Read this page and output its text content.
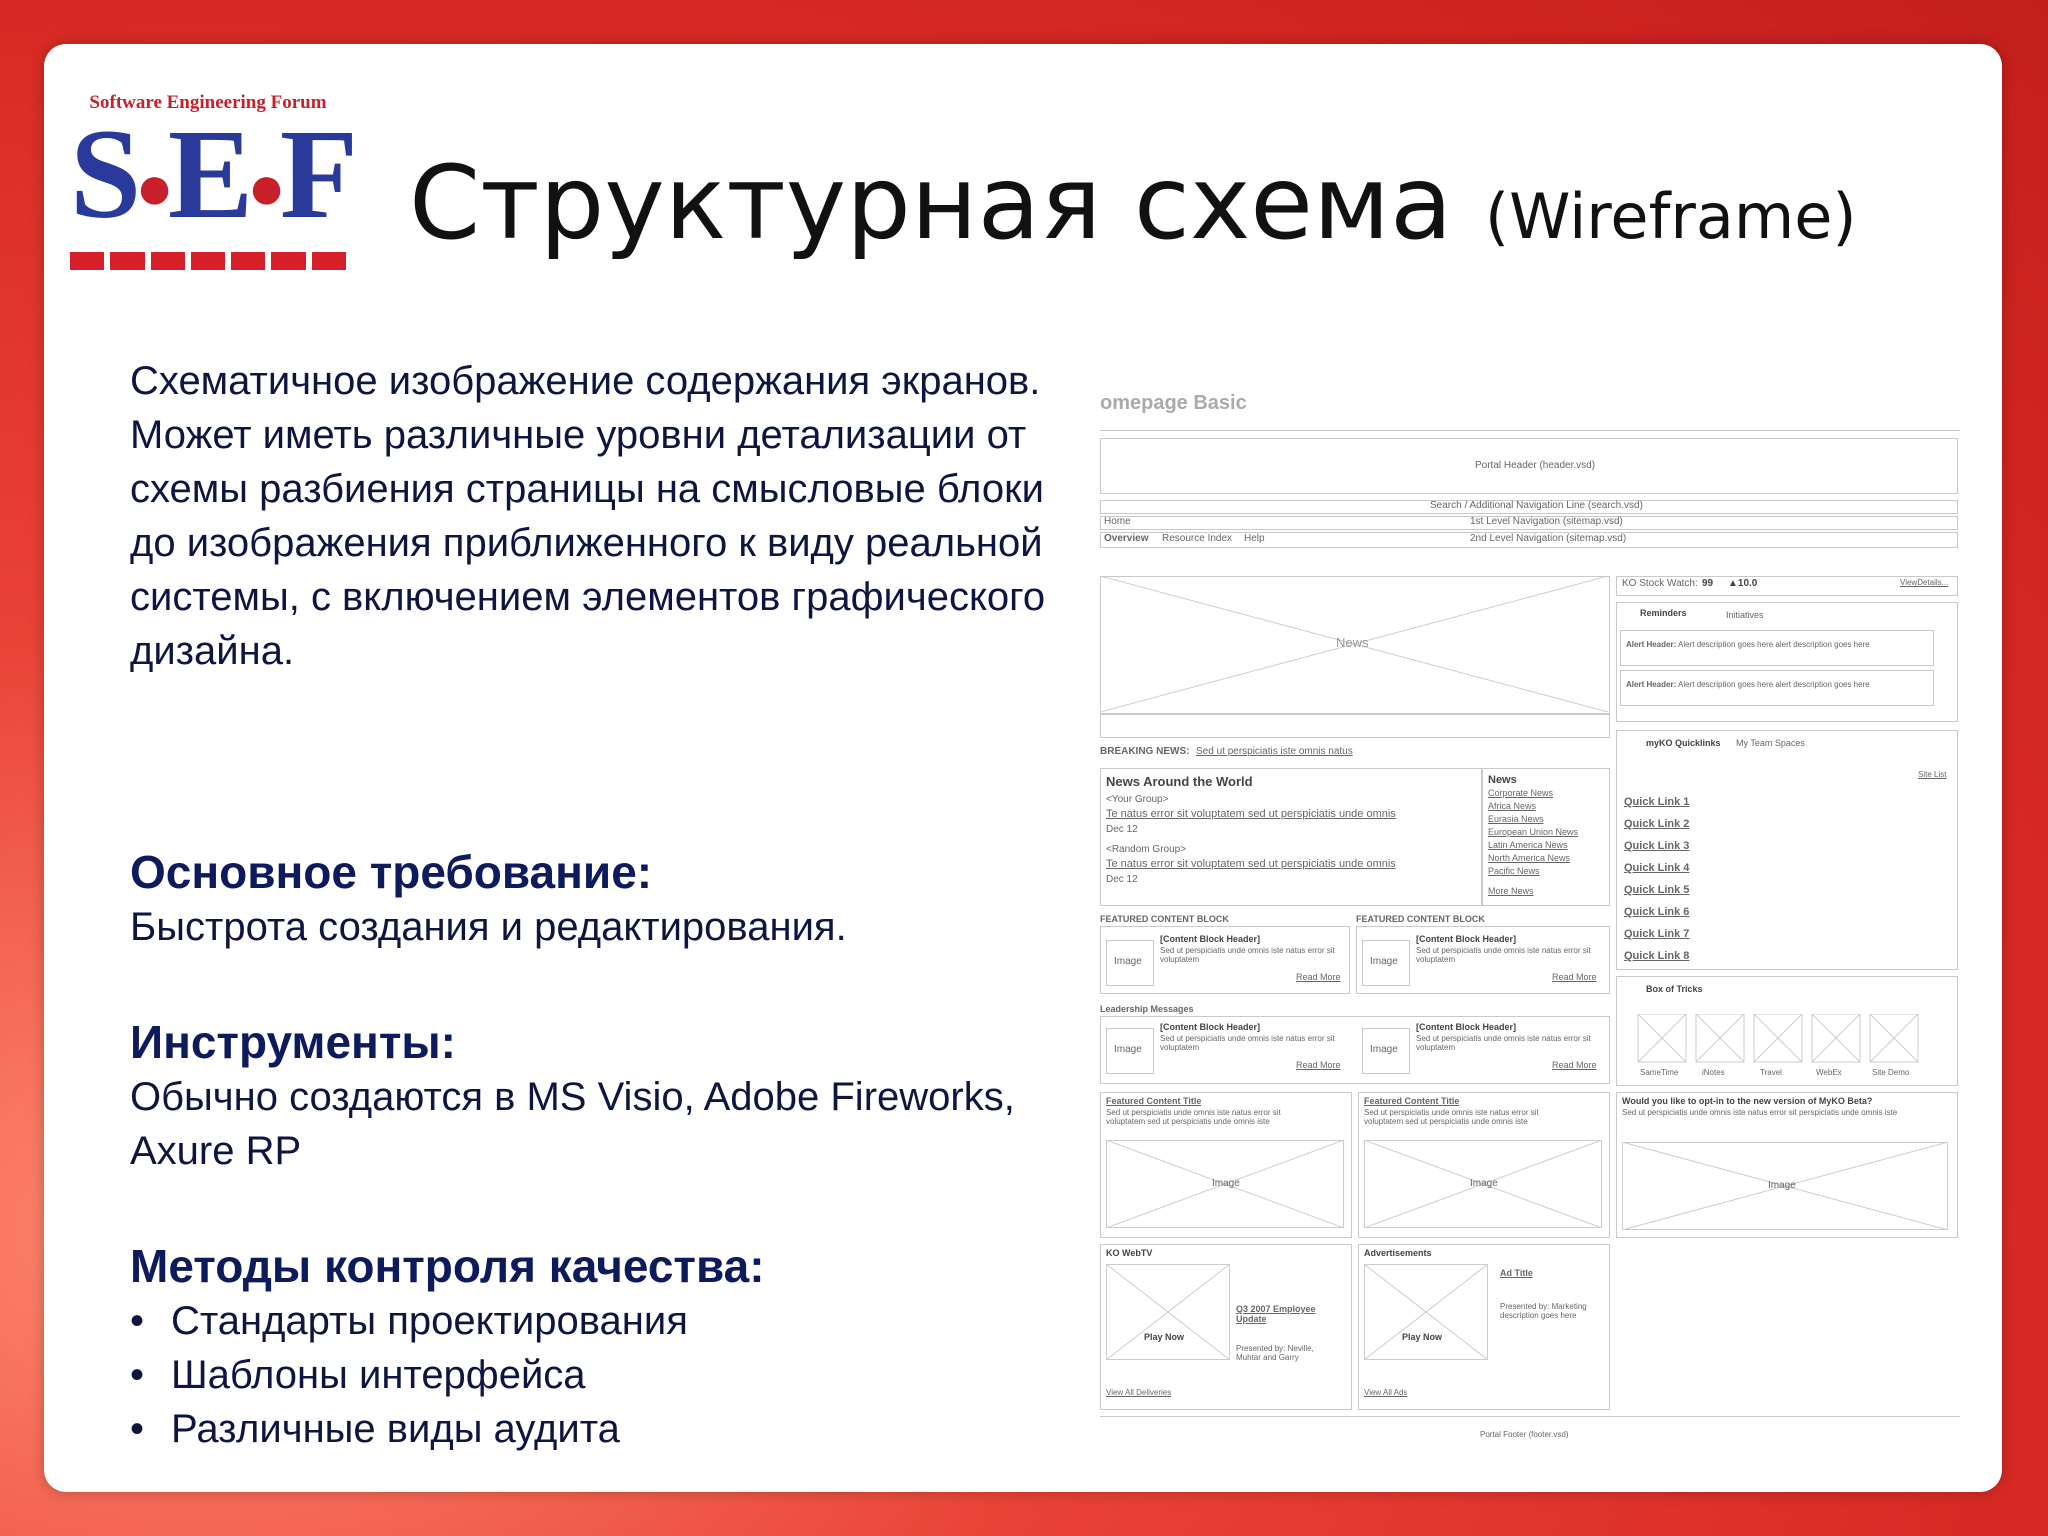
Software Engineering Forum
S●E●F Структурная схема (Wireframe)

Схематичное изображение содержания экранов. Может иметь различные уровни детализации от схемы разбиения страницы на смысловые блоки до изображения приближенного к виду реальной системы, с включением элементов графического дизайна.

Основное требование:

Быстрота создания и редактирования.

Инструменты:

Обычно создаются в MS Visio, Adobe Fireworks, Axure RP

Методы контроля качества:

• Стандарты проектирования
• Шаблоны интерфейса
• Различные виды аудита
omepage Basic
Portal Header (header.vsd)
Search / Additional Navigation Line (search.vsd)
Home	1st Level Navigation (sitemap.vsd)
Overview Resource Index Help	2nd Level Navigation (sitemap.vsd)
News
BREAKING NEWS: Sed ut perspiciatis iste omnis natus
News Around the World
<Your Group>
Te natus error sit voluptatem sed ut perspiciatis unde omnis
Dec 12
<Random Group>
Te natus error sit voluptatem sed ut perspiciatis unde omnis
Dec 12
News
Corporate News
Africa News
Eurasia News
European Union News
Latin America News
North America News
Pacific News
More News
FEATURED CONTENT BLOCK
Image
[Content Block Header]
Sed ut perspiciatis unde omnis iste natus error sit voluptatem
Read More
FEATURED CONTENT BLOCK
Image
[Content Block Header]
Sed ut perspiciatis unde omnis iste natus error sit voluptatem
Read More
Leadership Messages
Image
[Content Block Header]
Sed ut perspiciatis unde omnis iste natus error sit voluptatem
Read More
Image
[Content Block Header]
Sed ut perspiciatis unde omnis iste natus error sit voluptatem
Read More
Featured Content Title
Sed ut perspiciatis unde omnis iste natus error sit voluptatem sed ut perspiciatis unde omnis iste
Image
Featured Content Title
Sed ut perspiciatis unde omnis iste natus error sit voluptatem sed ut perspiciatis unde omnis iste
Image
KO WebTV
Play Now
Q3 2007 Employee Update
Presented by: Neville, Muhtar and Garry
View All Deliveries
Advertisements
Play Now
Ad Title
Presented by: Marketing description goes here
View All Ads
KO Stock Watch: 99 ▲10.0	ViewDetails...
Reminders	Initiatives
Alert Header: Alert description goes here alert description goes here
Alert Header: Alert description goes here alert description goes here
myKO Quicklinks My Team Spaces
Site List
Quick Link 1
Quick Link 2
Quick Link 3
Quick Link 4
Quick Link 5
Quick Link 6
Quick Link 7
Quick Link 8
Box of Tricks
SameTime	iNotes	Travel	WebEx	Site Demo
Would you like to opt-in to the new version of MyKO Beta?
Sed ut perspiciatis unde omnis iste natus error sit perspiciatis unde omnis iste
Image
Portal Footer (footer.vsd)
